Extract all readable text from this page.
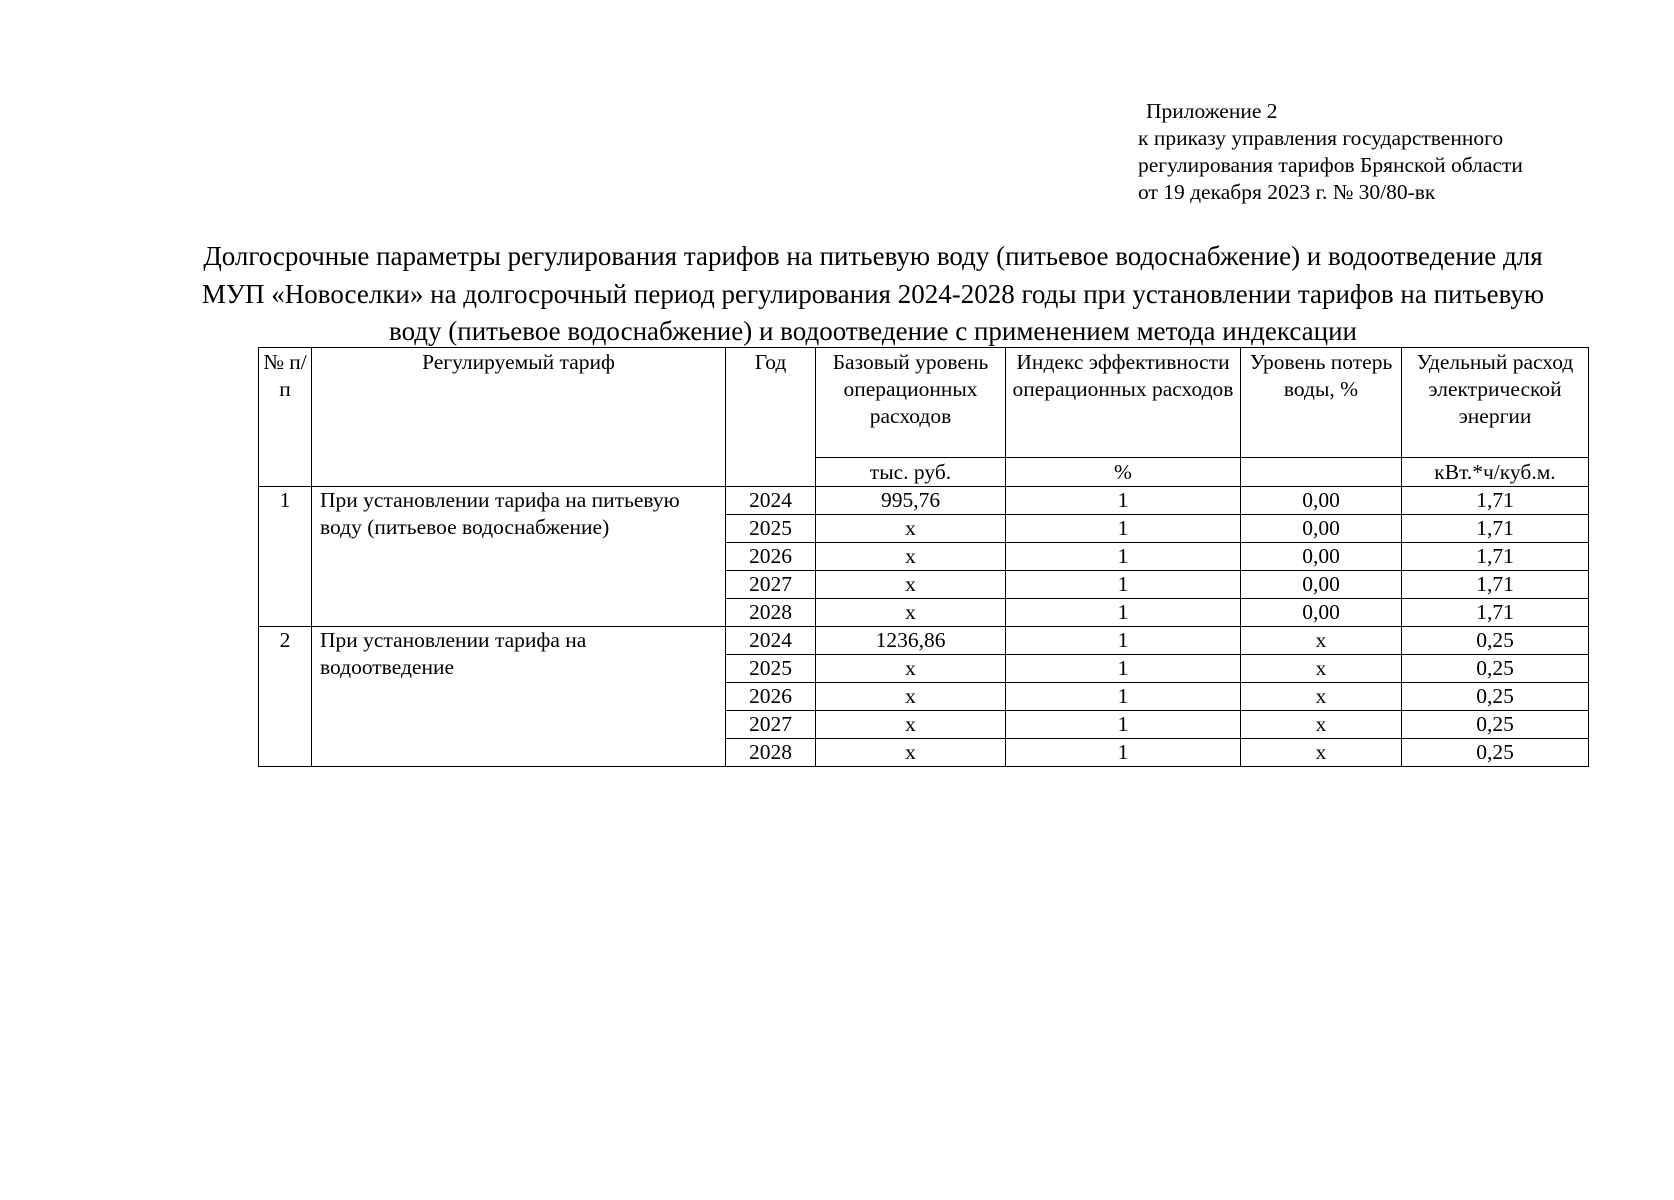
Приложение 2
к приказу управления государственного
регулирования тарифов Брянской области
от 19 декабря 2023 г. № 30/80-вк
Долгосрочные параметры регулирования тарифов на питьевую воду (питьевое водоснабжение) и водоотведение для
МУП «Новоселки» на долгосрочный период регулирования 2024-2028 годы при установлении тарифов на питьевую
воду (питьевое водоснабжение) и водоотведение с применением метода индексации
№ п/п	Регулируемый тариф	Год	Базовый уровень операционных расходов	Индекс эффективности операционных расходов	Уровень потерь воды, %	Удельный расход электрической энергии
			тыс. руб.	%		кВт.*ч/куб.м.
1	При установлении тарифа на питьевую воду (питьевое водоснабжение)	2024	995,76	1	0,00	1,71
		2025	х	1	0,00	1,71
		2026	х	1	0,00	1,71
		2027	х	1	0,00	1,71
		2028	х	1	0,00	1,71
2	При установлении тарифа на водоотведение	2024	1236,86	1	х	0,25
		2025	х	1	х	0,25
		2026	х	1	х	0,25
		2027	х	1	х	0,25
		2028	х	1	х	0,25
